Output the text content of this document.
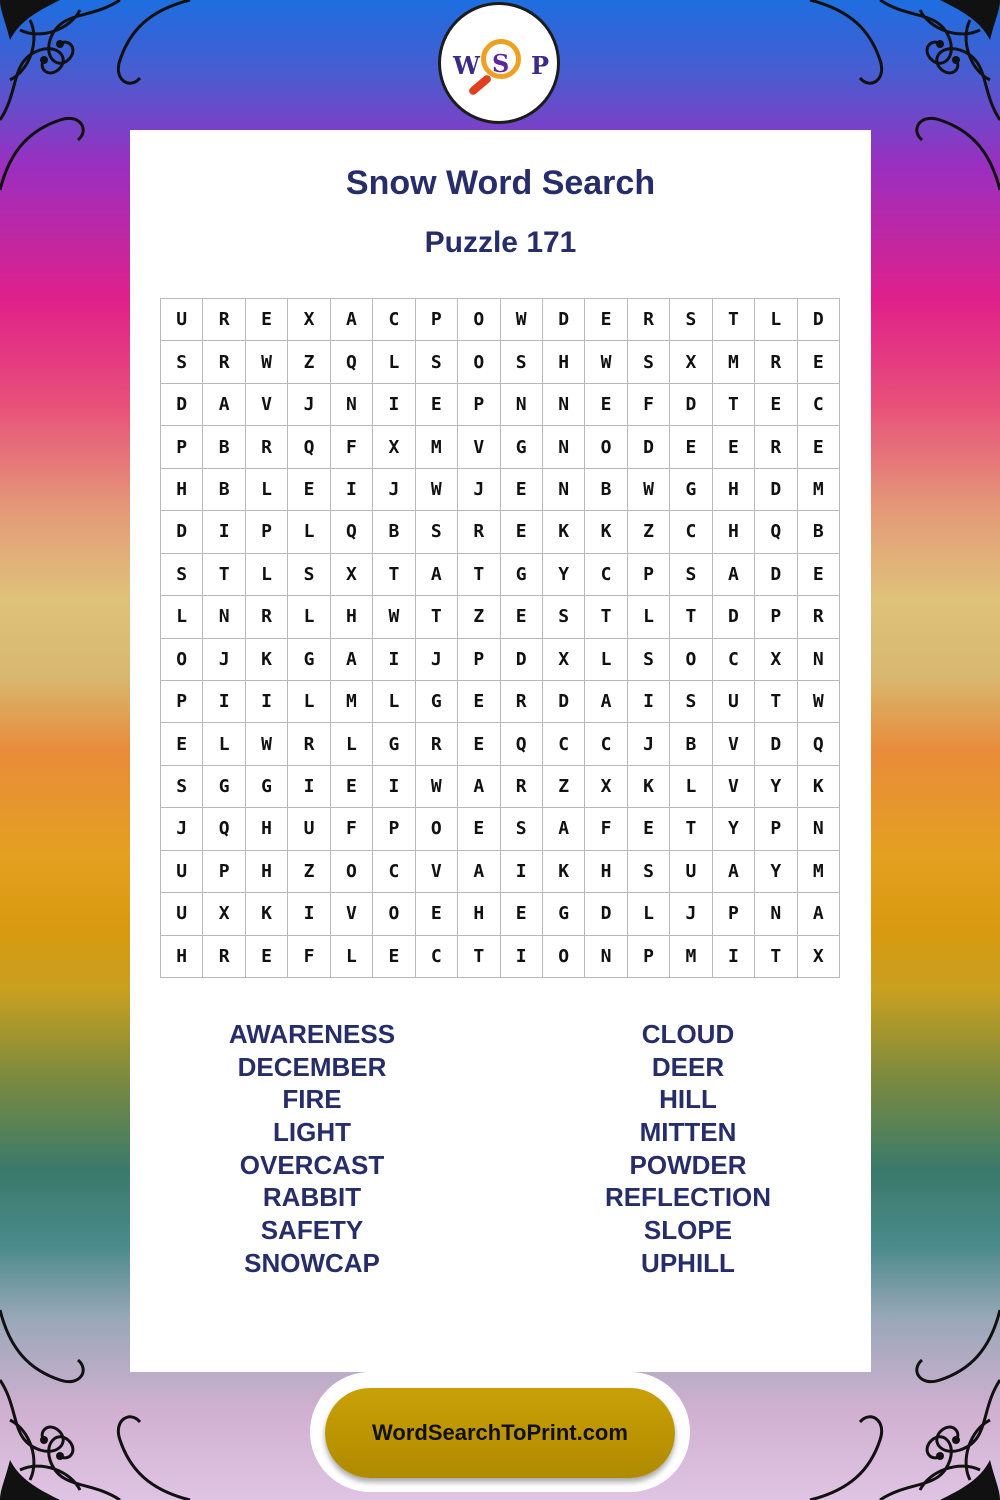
W S P
Snow Word Search
Puzzle 171
U	R	E	X	A	C	P	O	W	D	E	R	S	T	L	D
S	R	W	Z	Q	L	S	O	S	H	W	S	X	M	R	E
D	A	V	J	N	I	E	P	N	N	E	F	D	T	E	C
P	B	R	Q	F	X	M	V	G	N	O	D	E	E	R	E
H	B	L	E	I	J	W	J	E	N	B	W	G	H	D	M
D	I	P	L	Q	B	S	R	E	K	K	Z	C	H	Q	B
S	T	L	S	X	T	A	T	G	Y	C	P	S	A	D	E
L	N	R	L	H	W	T	Z	E	S	T	L	T	D	P	R
O	J	K	G	A	I	J	P	D	X	L	S	O	C	X	N
P	I	I	L	M	L	G	E	R	D	A	I	S	U	T	W
E	L	W	R	L	G	R	E	Q	C	C	J	B	V	D	Q
S	G	G	I	E	I	W	A	R	Z	X	K	L	V	Y	K
J	Q	H	U	F	P	O	E	S	A	F	E	T	Y	P	N
U	P	H	Z	O	C	V	A	I	K	H	S	U	A	Y	M
U	X	K	I	V	O	E	H	E	G	D	L	J	P	N	A
H	R	E	F	L	E	C	T	I	O	N	P	M	I	T	X
AWARENESS
DECEMBER
FIRE
LIGHT
OVERCAST
RABBIT
SAFETY
SNOWCAP
CLOUD
DEER
HILL
MITTEN
POWDER
REFLECTION
SLOPE
UPHILL
WordSearchToPrint.com
